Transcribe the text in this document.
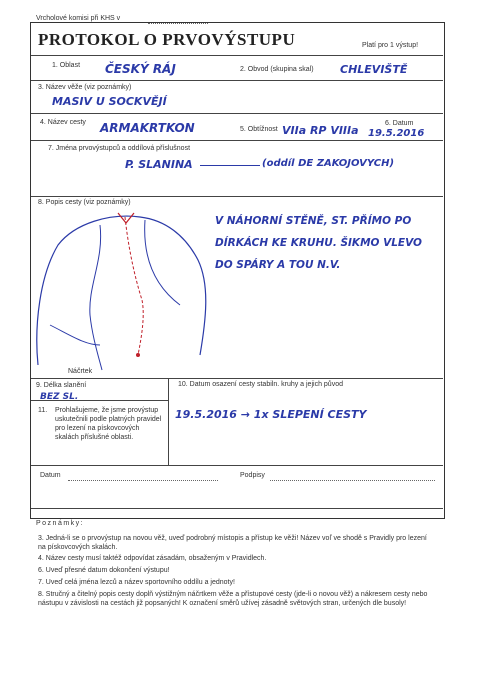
Vrcholové komisi při KHS v
PROTOKOL O PRVOVÝSTUPU	Platí pro 1 výstup!
1. Oblast ČESKÝ RÁJ	2. Obvod (skupina skal) CHLEVIŠTĚ
3. Název věže (viz poznámky)
MASIV U SOCKVĚJÍ
4. Název cesty ARMAKRTKON	5. Obtížnost VIIa RP VIIIa
6. Datum
19.5.2016
7. Jména prvovýstupců a oddílová příslušnost
P. SLANINA	(oddíl DE ZAKOJOVYCH)
8. Popis cesty (viz poznámky)
V NÁHORNÍ STĚNĚ, ST. PŘÍMO PO DÍRKÁCH KE KRUHU. ŠIKMO VLEVO DO SPÁRY A TOU N.V.
Náčrtek
9. Délka slanění
BEZ SL.
10. Datum osazení cesty stabiln. kruhy a jejich původ
19.5.2016 → 1x SLEPENÍ CESTY
11. Prohlašujeme, že jsme provýstup uskutečnili podle platných pravidel pro lezení na pískovcových skalách příslušné oblasti.
Datum	Podpisy
Poznámky:
3. Jedná-li se o prvovýstup na novou věž, uveď podrobný místopis a přístup ke věži! Název voľ ve shodě s Pravidly pro lezení na pískovcových skalách.
4. Název cesty musí taktéž odpovídat zásadám, obsaženým v Pravidlech.
6. Uveď přesné datum dokončení výstupu!
7. Uveď celá jména lezců a název sportovního oddílu a jednoty!
8. Stručný a čitelný popis cesty doplň výstižným náčrtkem věže a přístupové cesty (jde-li o novou věž) a nákresem cesty nebo nástupu v závislosti na cestách již popsaných! K označení směrů užívej zásadně světových stran, určených dle busoly!
